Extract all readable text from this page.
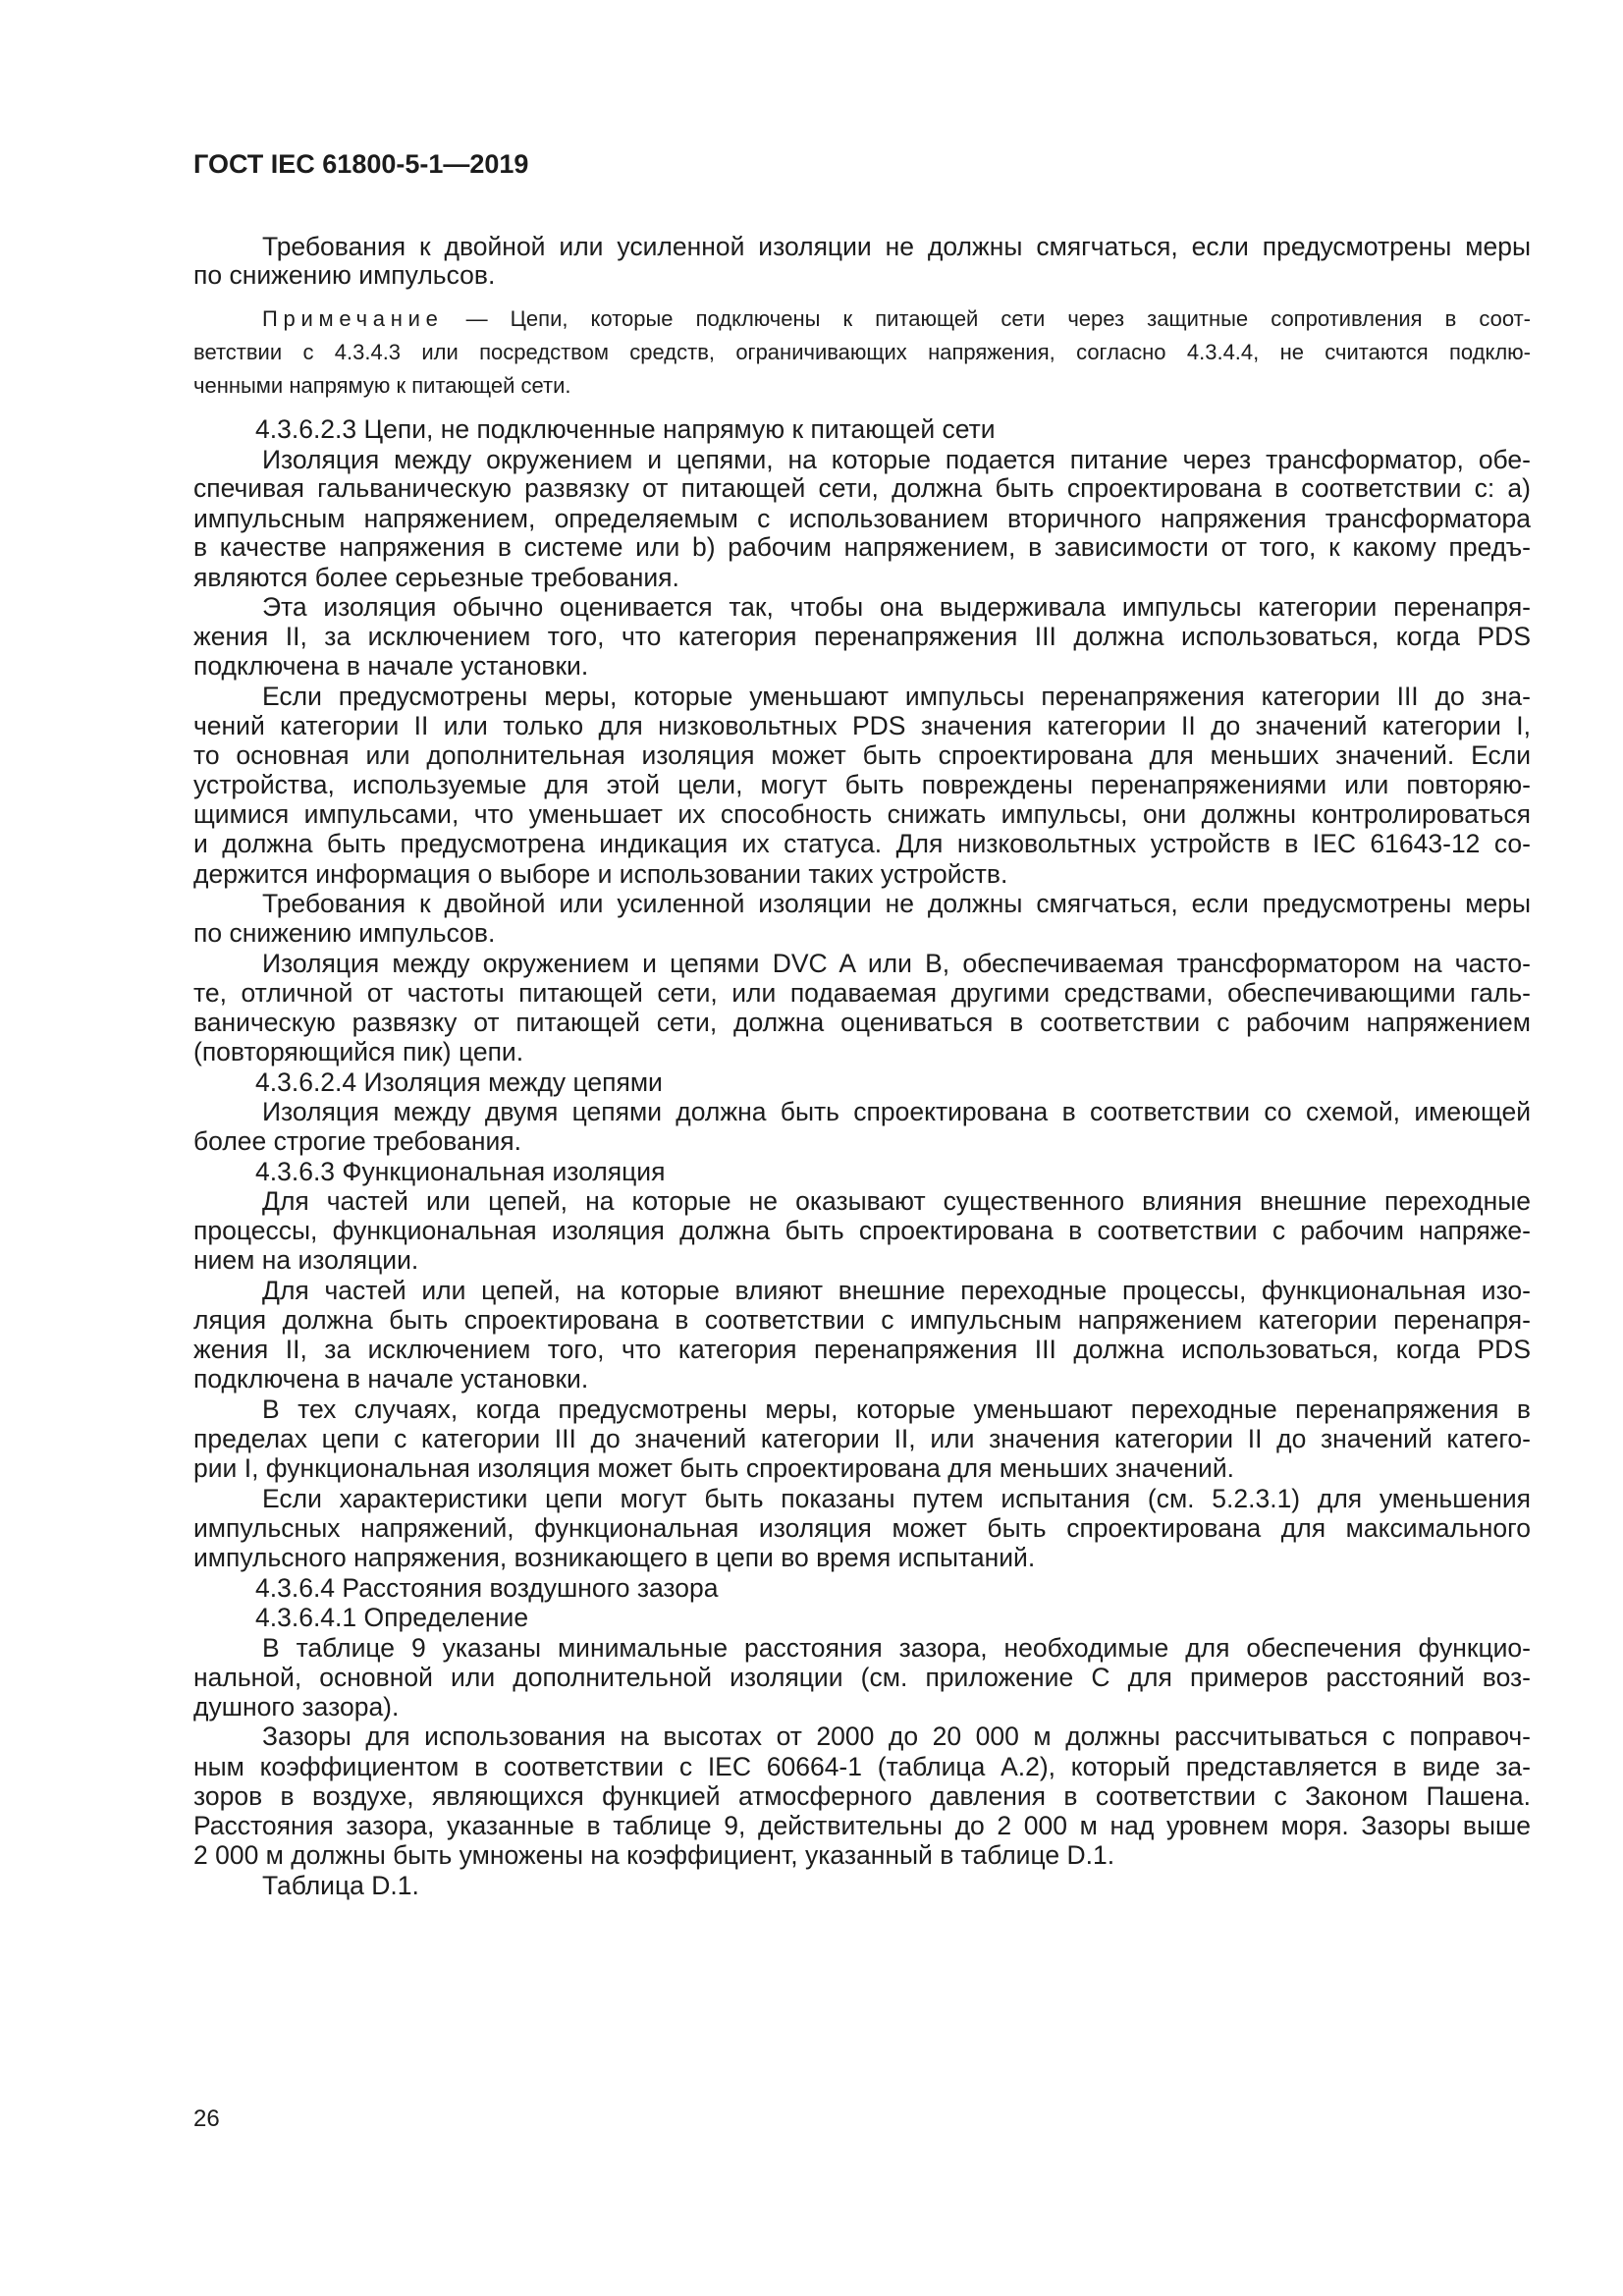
ГОСТ IEC 61800-5-1—2019
Требования к двойной или усиленной изоляции не должны смягчаться, если предусмотрены меры
по снижению импульсов.
4.3.6.2.3 Цепи, не подключенные напрямую к питающей сети
Изоляция между окружением и цепями, на которые подается питание через трансформатор, обе-
спечивая гальваническую развязку от питающей сети, должна быть спроектирована в соответствии с: a)
импульсным напряжением, определяемым с использованием вторичного напряжения трансформатора
в качестве напряжения в системе или b) рабочим напряжением, в зависимости от того, к какому предъ-
являются более серьезные требования.
Эта изоляция обычно оценивается так, чтобы она выдерживала импульсы категории перенапря-
жения II, за исключением того, что категория перенапряжения III должна использоваться, когда PDS
подключена в начале установки.
Если предусмотрены меры, которые уменьшают импульсы перенапряжения категории III до зна-
чений категории II или только для низковольтных PDS значения категории II до значений категории I,
то основная или дополнительная изоляция может быть спроектирована для меньших значений. Если
устройства, используемые для этой цели, могут быть повреждены перенапряжениями или повторяю-
щимися импульсами, что уменьшает их способность снижать импульсы, они должны контролироваться
и должна быть предусмотрена индикация их статуса. Для низковольтных устройств в IEC 61643-12 со-
держится информация о выборе и использовании таких устройств.
Требования к двойной или усиленной изоляции не должны смягчаться, если предусмотрены меры
по снижению импульсов.
Изоляция между окружением и цепями DVC A или B, обеспечиваемая трансформатором на часто-
те, отличной от частоты питающей сети, или подаваемая другими средствами, обеспечивающими галь-
ваническую развязку от питающей сети, должна оцениваться в соответствии с рабочим напряжением
(повторяющийся пик) цепи.
4.3.6.2.4 Изоляция между цепями
Изоляция между двумя цепями должна быть спроектирована в соответствии со схемой, имеющей
более строгие требования.
4.3.6.3 Функциональная изоляция
Для частей или цепей, на которые не оказывают существенного влияния внешние переходные
процессы, функциональная изоляция должна быть спроектирована в соответствии с рабочим напряже-
нием на изоляции.
Для частей или цепей, на которые влияют внешние переходные процессы, функциональная изо-
ляция должна быть спроектирована в соответствии с импульсным напряжением категории перенапря-
жения II, за исключением того, что категория перенапряжения III должна использоваться, когда PDS
подключена в начале установки.
В тех случаях, когда предусмотрены меры, которые уменьшают переходные перенапряжения в
пределах цепи с категории III до значений категории II, или значения категории II до значений катего-
рии I, функциональная изоляция может быть спроектирована для меньших значений.
Если характеристики цепи могут быть показаны путем испытания (см. 5.2.3.1) для уменьшения
импульсных напряжений, функциональная изоляция может быть спроектирована для максимального
импульсного напряжения, возникающего в цепи во время испытаний.
4.3.6.4 Расстояния воздушного зазора
4.3.6.4.1 Определение
В таблице 9 указаны минимальные расстояния зазора, необходимые для обеспечения функцио-
нальной, основной или дополнительной изоляции (см. приложение C для примеров расстояний воз-
душного зазора).
Зазоры для использования на высотах от 2000 до 20 000 м должны рассчитываться с поправоч-
ным коэффициентом в соответствии с IEC 60664-1 (таблица A.2), который представляется в виде за-
зоров в воздухе, являющихся функцией атмосферного давления в соответствии с Законом Пашена.
Расстояния зазора, указанные в таблице 9, действительны до 2 000 м над уровнем моря. Зазоры выше
2 000 м должны быть умножены на коэффициент, указанный в таблице D.1.
Таблица D.1.
Примечание — Цепи, которые подключены к питающей сети через защитные сопротивления в соот-
ветствии с 4.3.4.3 или посредством средств, ограничивающих напряжения, согласно 4.3.4.4, не считаются подклю-
ченными напрямую к питающей сети.
26
